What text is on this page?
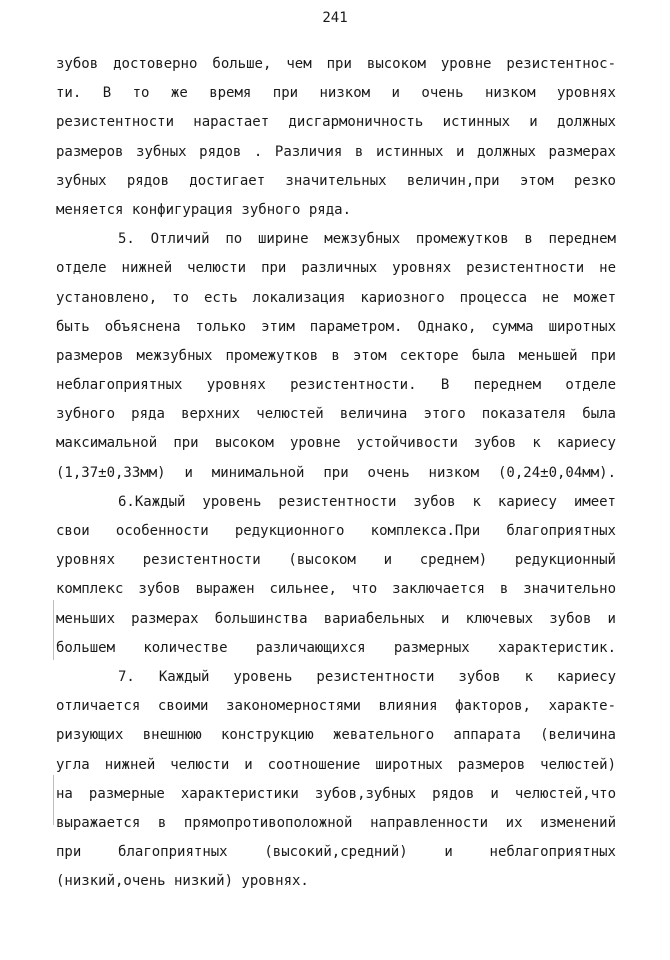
241
зубов достоверно больше, чем при высоком уровне резистентнос-
ти. В то же время при низком и очень низком уровнях
резистентности нарастает дисгармоничность истинных и должных
размеров зубных рядов . Различия в истинных и должных размерах
зубных рядов достигает значительных величин,при этом резко
меняется конфигурация зубного ряда.
5. Отличий по ширине межзубных промежутков в переднем
отделе нижней челюсти при различных уровнях резистентности не
установлено, то есть локализация кариозного процесса не может
быть объяснена только этим параметром. Однако, сумма широтных
размеров межзубных промежутков в этом секторе была меньшей при
неблагоприятных уровнях резистентности. В переднем отделе
зубного ряда верхних челюстей величина этого показателя была
максимальной при высоком уровне устойчивости зубов к кариесу
(1,37±0,33мм) и минимальной при очень низком (0,24±0,04мм).
6.Каждый уровень резистентности зубов к кариесу имеет
свои особенности редукционного комплекса.При благоприятных
уровнях резистентности (высоком и среднем) редукционный
комплекс зубов выражен сильнее, что заключается в значительно
меньших размерах большинства вариабельных и ключевых зубов и
большем количестве различающихся размерных характеристик.
7. Каждый уровень резистентности зубов к кариесу
отличается своими закономерностями влияния факторов, характе-
ризующих внешнюю конструкцию жевательного аппарата (величина
угла нижней челюсти и соотношение широтных размеров челюстей)
на размерные характеристики зубов,зубных рядов и челюстей,что
выражается в прямопротивоположной направленности их изменений
при благоприятных (высокий,средний) и неблагоприятных
(низкий,очень низкий) уровнях.
